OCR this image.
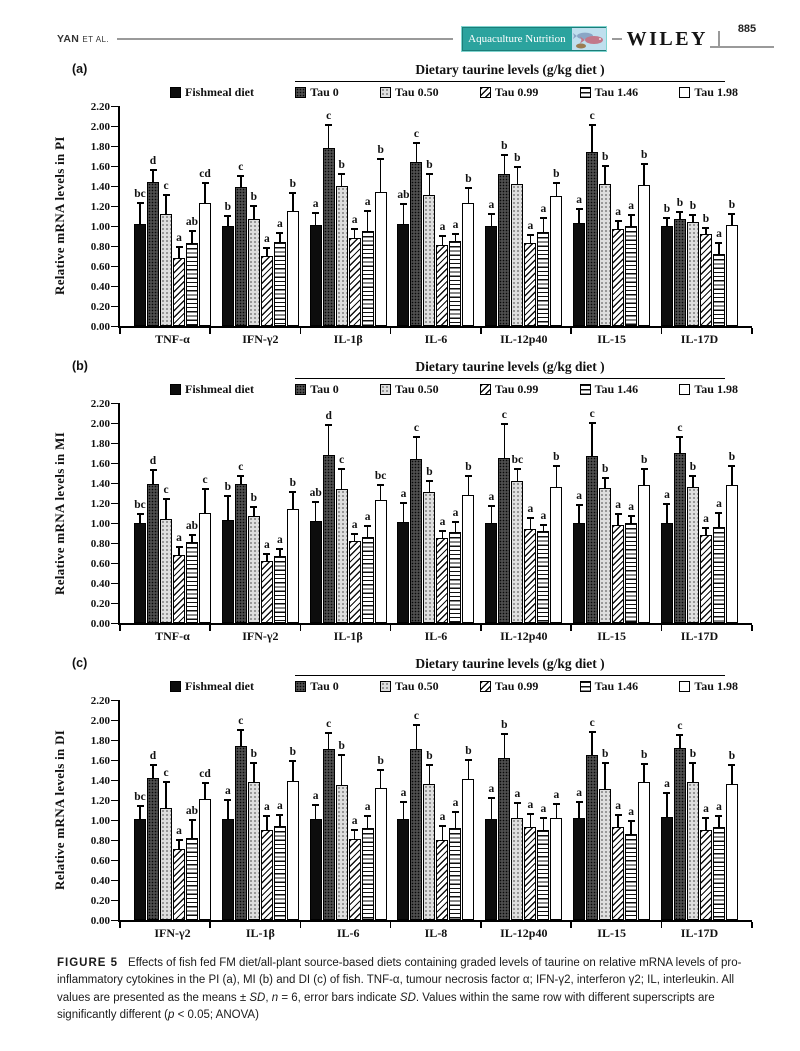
YAN ET AL.	Aquaculture Nutrition	WILEY	885
(a)	Dietary taurine levels (g/kg diet )
Fishmeal diet	Tau 0	Tau 0.50	Tau 0.99	Tau 1.46	Tau 1.98
Relative mRNA levels in PI
0.00
0.20
0.40
0.60
0.80
1.00
1.20
1.40
1.60
1.80
2.00
2.20
bc
d
c
a
ab
cd
b
c
b
a
a
b
a
c
b
a
a
b
ab
c
b
a a
b
a
b
b
a
a
b
a
c
b
a a
b
b b b
b
a
b
TNF-α	IFN-γ2	IL-1β	IL-6	IL-12p40	IL-15	IL-17D
(b)	Dietary taurine levels (g/kg diet )
Fishmeal diet	Tau 0	Tau 0.50	Tau 0.99	Tau 1.46	Tau 1.98
Relative mRNA levels in MI
0.00
0.20
0.40
0.60
0.80
1.00
1.20
1.40
1.60
1.80
2.00
2.20
bc
d
c
a
ab
c
b
c
b
a a
b
ab
d
c
a
a
bc
a
c
b
a
a
b
a
c
bc
a
a
b
a
c
b
a a
b
a
c
b
a
a
b
TNF-α	IFN-γ2	IL-1β	IL-6	IL-12p40	IL-15	IL-17D
(c)	Dietary taurine levels (g/kg diet )
Fishmeal diet	Tau 0	Tau 0.50	Tau 0.99	Tau 1.46	Tau 1.98
Relative mRNA levels in DI
0.00
0.20
0.40
0.60
0.80
1.00
1.20
1.40
1.60
1.80
2.00
2.20
bc
d
c
a
ab
cd
a
c
b
a a
b
a
c
b
a
a
b
a
c
b
a
a
b
a
b
a
a a
a a
c
b
a a
b
a
c
b
a a
b
IFN-γ2	IL-1β	IL-6	IL-8	IL-12p40	IL-15	IL-17D

FIGURE 5 Effects of fish fed FM diet/all-plant source-based diets containing graded levels of taurine on relative mRNA levels of pro-inflammatory cytokines in the PI (a), MI (b) and DI (c) of fish. TNF-α, tumour necrosis factor α; IFN-γ2, interferon γ2; IL, interleukin. All values are presented as the means ± SD, n = 6, error bars indicate SD. Values within the same row with different superscripts are significantly different (p < 0.05; ANOVA)
